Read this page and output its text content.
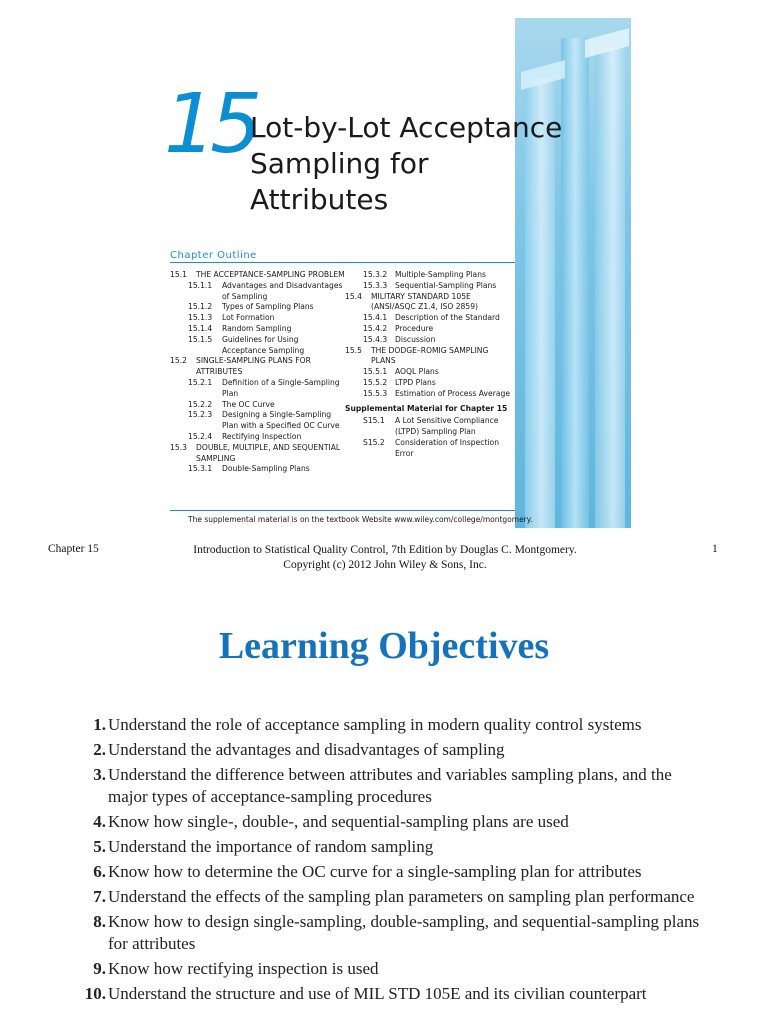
15
Lot-by-Lot Acceptance
Sampling for
Attributes
Chapter Outline
15.1	THE ACCEPTANCE-SAMPLING PROBLEM
15.1.1	Advantages and Disadvantages of Sampling
15.1.2	Types of Sampling Plans
15.1.3	Lot Formation
15.1.4	Random Sampling
15.1.5	Guidelines for Using Acceptance Sampling
15.2	SINGLE-SAMPLING PLANS FOR ATTRIBUTES
15.2.1	Definition of a Single-Sampling Plan
15.2.2	The OC Curve
15.2.3	Designing a Single-Sampling Plan with a Specified OC Curve
15.2.4	Rectifying Inspection
15.3	DOUBLE, MULTIPLE, AND SEQUENTIAL SAMPLING
15.3.1	Double-Sampling Plans
15.3.2	Multiple-Sampling Plans
15.3.3	Sequential-Sampling Plans
15.4	MILITARY STANDARD 105E (ANSI/ASQC Z1.4, ISO 2859)
15.4.1	Description of the Standard
15.4.2	Procedure
15.4.3	Discussion
15.5	THE DODGE–ROMIG SAMPLING PLANS
15.5.1	AOQL Plans
15.5.2	LTPD Plans
15.5.3	Estimation of Process Average
Supplemental Material for Chapter 15
S15.1	A Lot Sensitive Compliance (LTPD) Sampling Plan
S15.2	Consideration of Inspection Error
The supplemental material is on the textbook Website www.wiley.com/college/montgomery.
Chapter 15	Introduction to Statistical Quality Control, 7th Edition by Douglas C. Montgomery.
Copyright (c) 2012 John Wiley & Sons, Inc.
1
Learning Objectives
1. Understand the role of acceptance sampling in modern quality control systems
2. Understand the advantages and disadvantages of sampling
3. Understand the difference between attributes and variables sampling plans, and the major types of acceptance-sampling procedures
4. Know how single-, double-, and sequential-sampling plans are used
5. Understand the importance of random sampling
6. Know how to determine the OC curve for a single-sampling plan for attributes
7. Understand the effects of the sampling plan parameters on sampling plan performance
8. Know how to design single-sampling, double-sampling, and sequential-sampling plans for attributes
9. Know how rectifying inspection is used
10. Understand the structure and use of MIL STD 105E and its civilian counterpart
